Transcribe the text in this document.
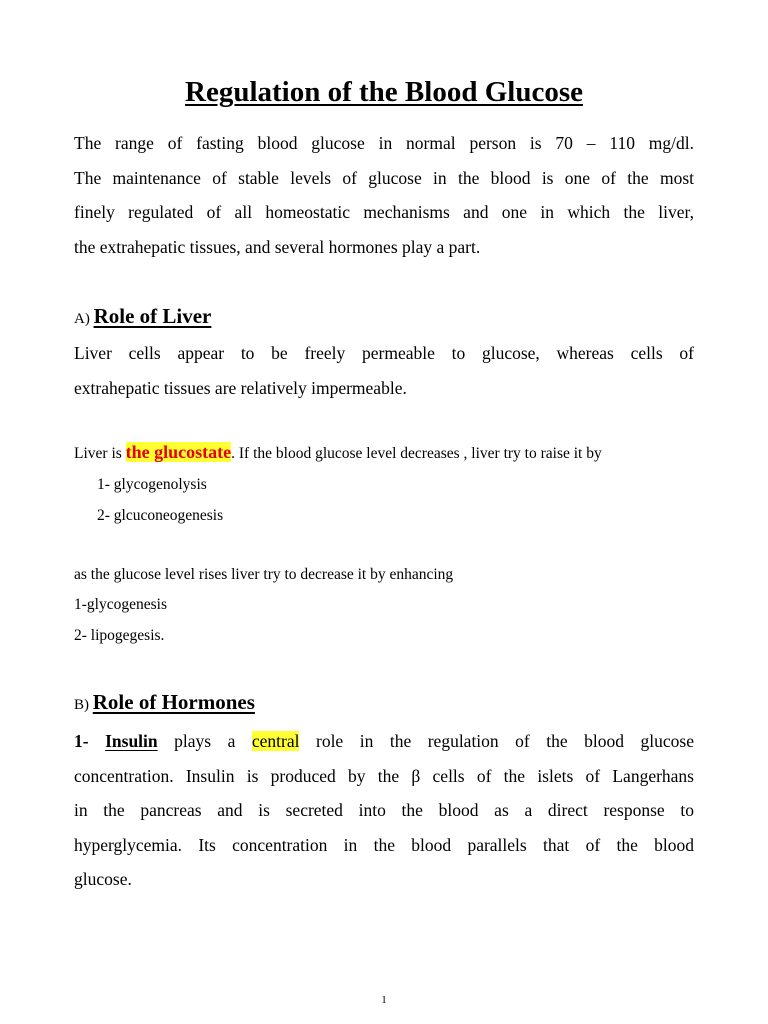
Regulation of the Blood Glucose
The range of fasting blood glucose in normal person is 70 – 110 mg/dl.
The maintenance of stable levels of glucose in the blood is one of the most
finely regulated of all homeostatic mechanisms and one in which the liver,
the extrahepatic tissues, and several hormones play a part.
A) Role of Liver
Liver cells appear to be freely permeable to glucose, whereas cells of
extrahepatic tissues are relatively impermeable.
Liver is the glucostate. If the blood glucose level decreases , liver try to raise it by
1- glycogenolysis
2- glcuconeogenesis
as the glucose level rises liver try to decrease it by enhancing
1-glycogenesis
2- lipogegesis.
B) Role of Hormones
1- Insulin plays a central role in the regulation of the blood glucose
concentration. Insulin is produced by the β cells of the islets of Langerhans
in the pancreas and is secreted into the blood as a direct response to
hyperglycemia. Its concentration in the blood parallels that of the blood
glucose.
1
